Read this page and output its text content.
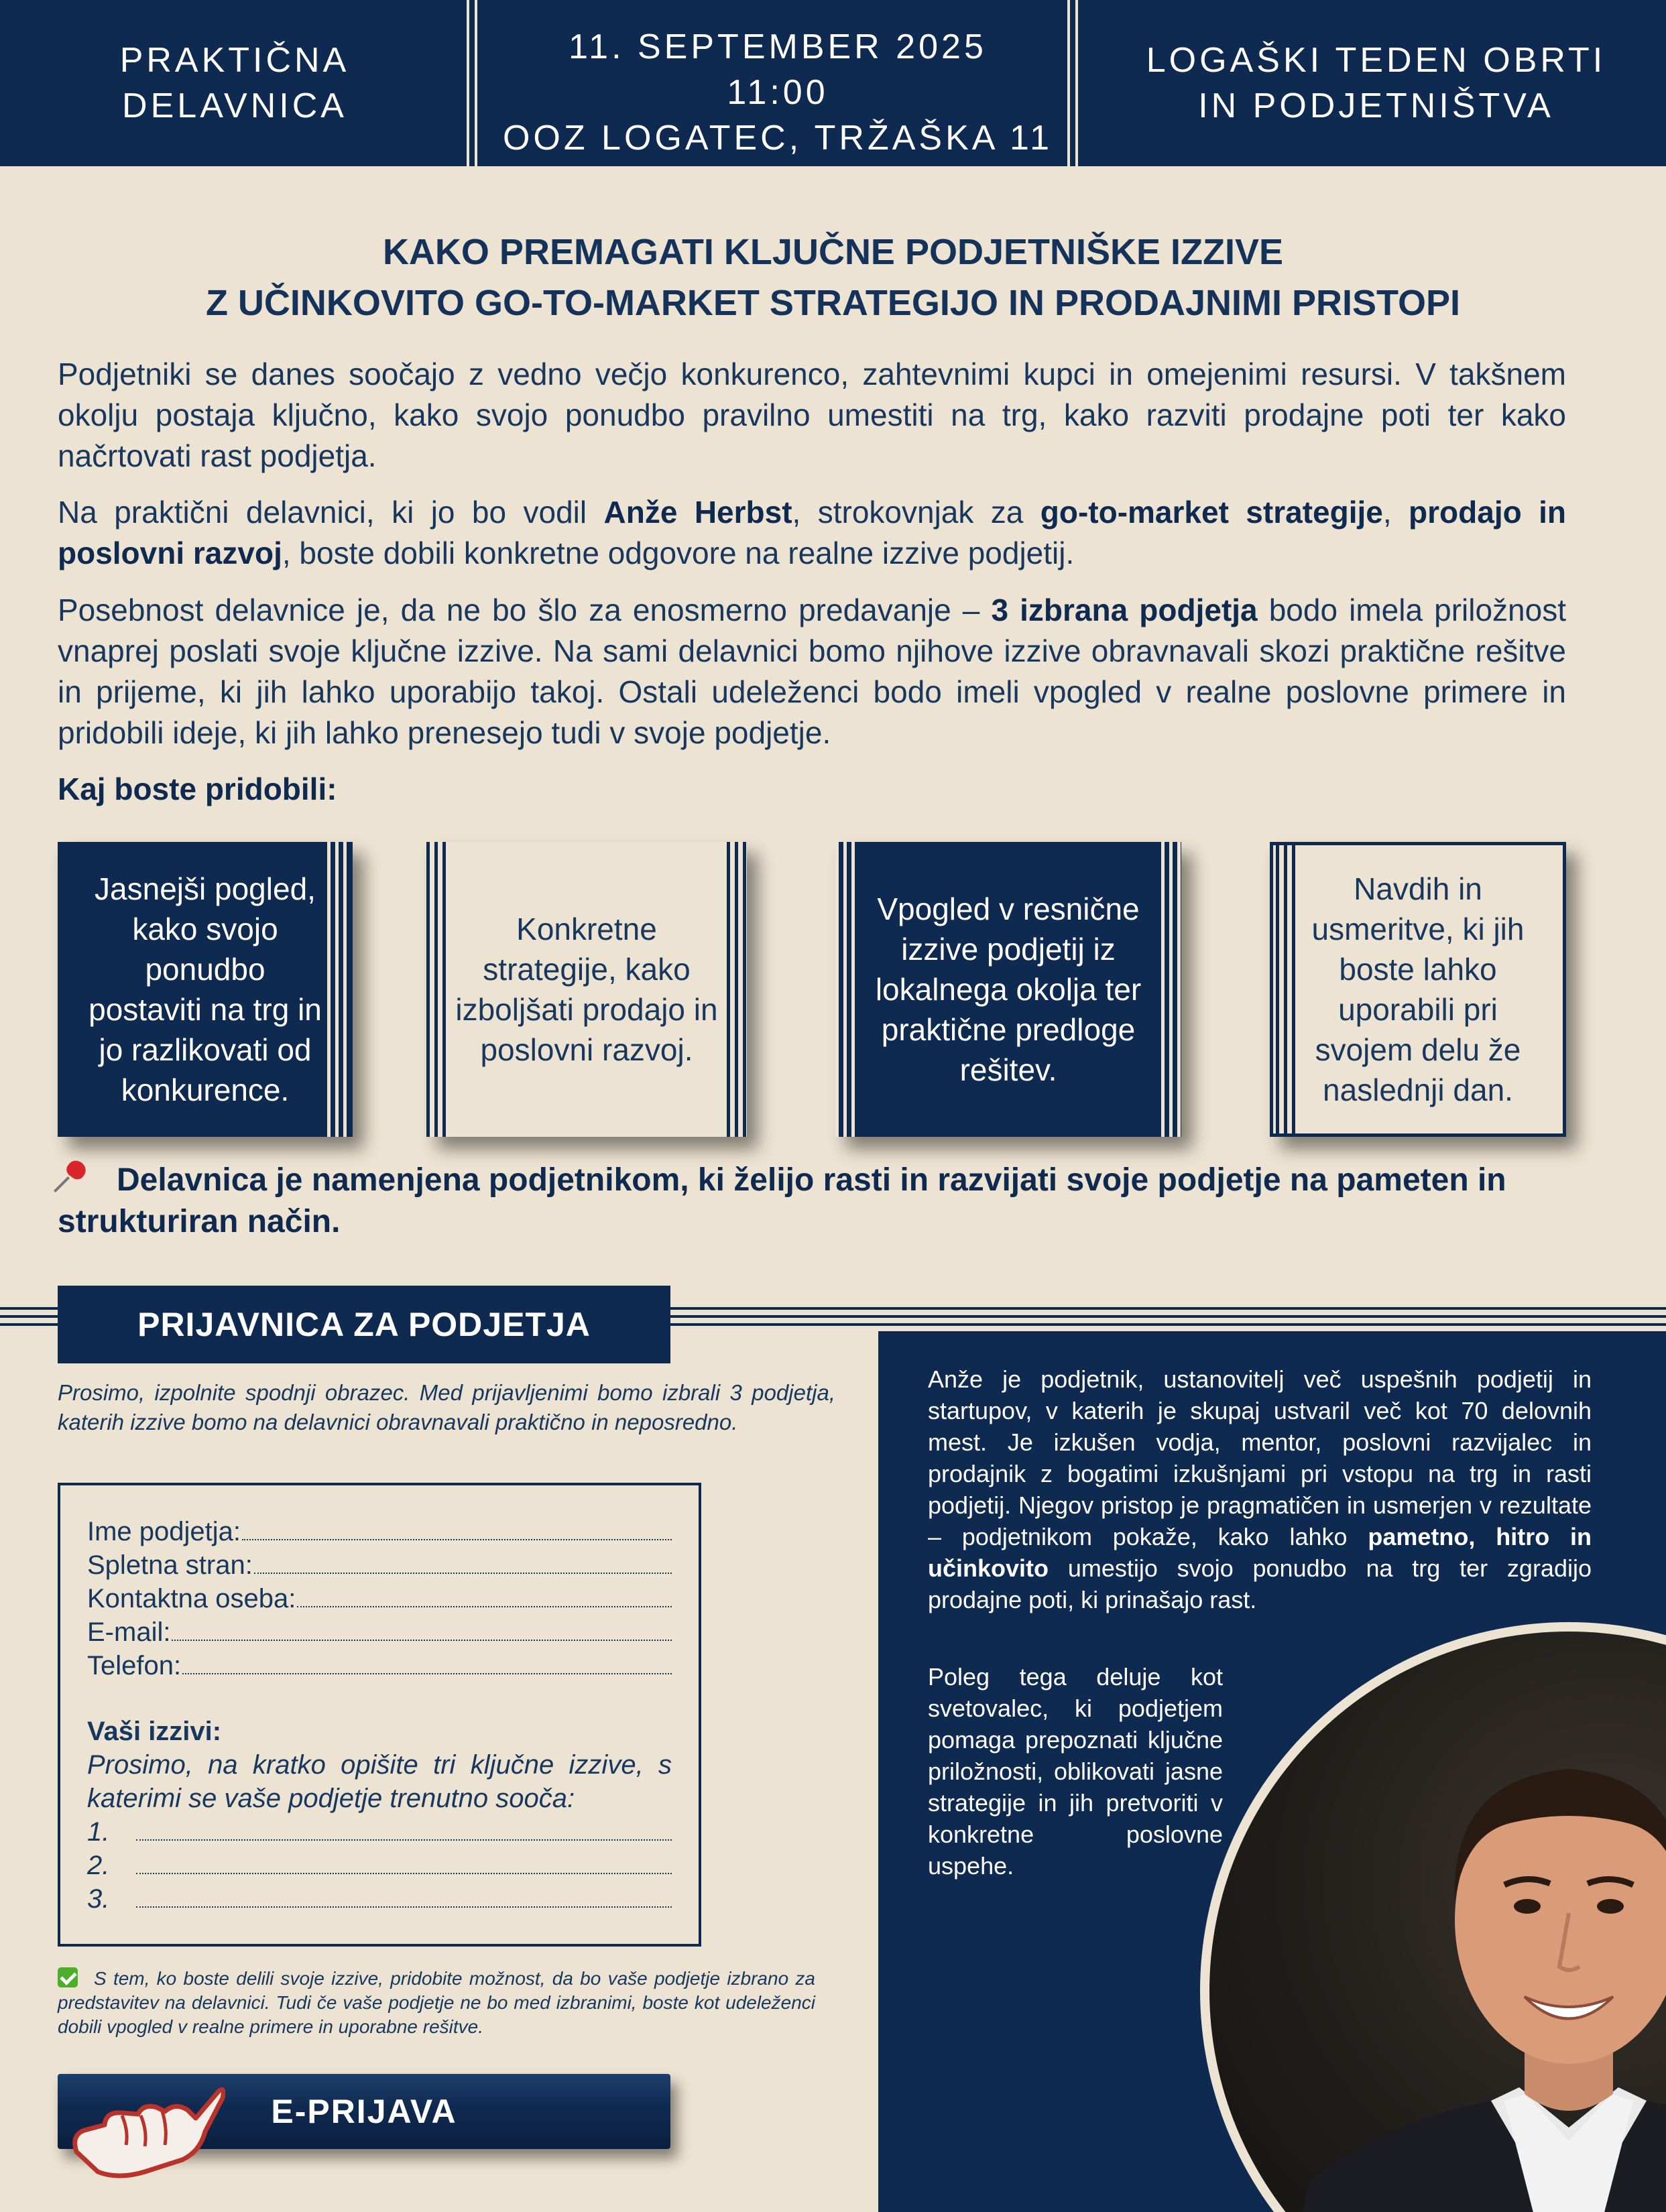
PRAKTIČNA
DELAVNICA
11. SEPTEMBER 2025
11:00
OOZ LOGATEC, TRŽAŠKA 11
LOGAŠKI TEDEN OBRTI
IN PODJETNIŠTVA
KAKO PREMAGATI KLJUČNE PODJETNIŠKE IZZIVE
Z UČINKOVITO GO-TO-MARKET STRATEGIJO IN PRODAJNIMI PRISTOPI

Podjetniki se danes soočajo z vedno večjo konkurenco, zahtevnimi kupci in omejenimi resursi. V takšnem okolju postaja ključno, kako svojo ponudbo pravilno umestiti na trg, kako razviti prodajne poti ter kako načrtovati rast podjetja.

Na praktični delavnici, ki jo bo vodil Anže Herbst, strokovnjak za go-to-market strategije, prodajo in poslovni razvoj, boste dobili konkretne odgovore na realne izzive podjetij.

Posebnost delavnice je, da ne bo šlo za enosmerno predavanje – 3 izbrana podjetja bodo imela priložnost vnaprej poslati svoje ključne izzive. Na sami delavnici bomo njihove izzive obravnavali skozi praktične rešitve in prijeme, ki jih lahko uporabijo takoj. Ostali udeleženci bodo imeli vpogled v realne poslovne primere in pridobili ideje, ki jih lahko prenesejo tudi v svoje podjetje.

Kaj boste pridobili:
Jasnejši pogled, kako svojo ponudbo postaviti na trg in jo razlikovati od konkurence.
Konkretne strategije, kako izboljšati prodajo in poslovni razvoj.
Vpogled v resnične izzive podjetij iz lokalnega okolja ter praktične predloge rešitev.
Navdih in usmeritve, ki jih boste lahko uporabili pri svojem delu že naslednji dan.
Delavnica je namenjena podjetnikom, ki želijo rasti in razvijati svoje podjetje na pameten in strukturiran način.

Anže je podjetnik, ustanovitelj več uspešnih podjetij in startupov, v katerih je skupaj ustvaril več kot 70 delovnih mest. Je izkušen vodja, mentor, poslovni razvijalec in prodajnik z bogatimi izkušnjami pri vstopu na trg in rasti podjetij. Njegov pristop je pragmatičen in usmerjen v rezultate – podjetnikom pokaže, kako lahko pametno, hitro in učinkovito umestijo svojo ponudbo na trg ter zgradijo prodajne poti, ki prinašajo rast.

Poleg tega deluje kot svetovalec, ki podjetjem pomaga prepoznati ključne priložnosti, oblikovati jasne strategije in jih pretvoriti v konkretne poslovne uspehe.

PRIJAVNICA ZA PODJETJA

Prosimo, izpolnite spodnji obrazec. Med prijavljenimi bomo izbrali 3 podjetja, katerih izzive bomo na delavnici obravnavali praktično in neposredno.

Ime podjetja:
Spletna stran:
Kontaktna oseba:
E-mail:
Telefon:
Vaši izzivi:
Prosimo, na kratko opišite tri ključne izzive, s katerimi se vaše podjetje trenutno sooča:
1.
2.
3.

S tem, ko boste delili svoje izzive, pridobite možnost, da bo vaše podjetje izbrano za predstavitev na delavnici. Tudi če vaše podjetje ne bo med izbranimi, boste kot udeleženci dobili vpogled v realne primere in uporabne rešitve.

E-PRIJAVA
